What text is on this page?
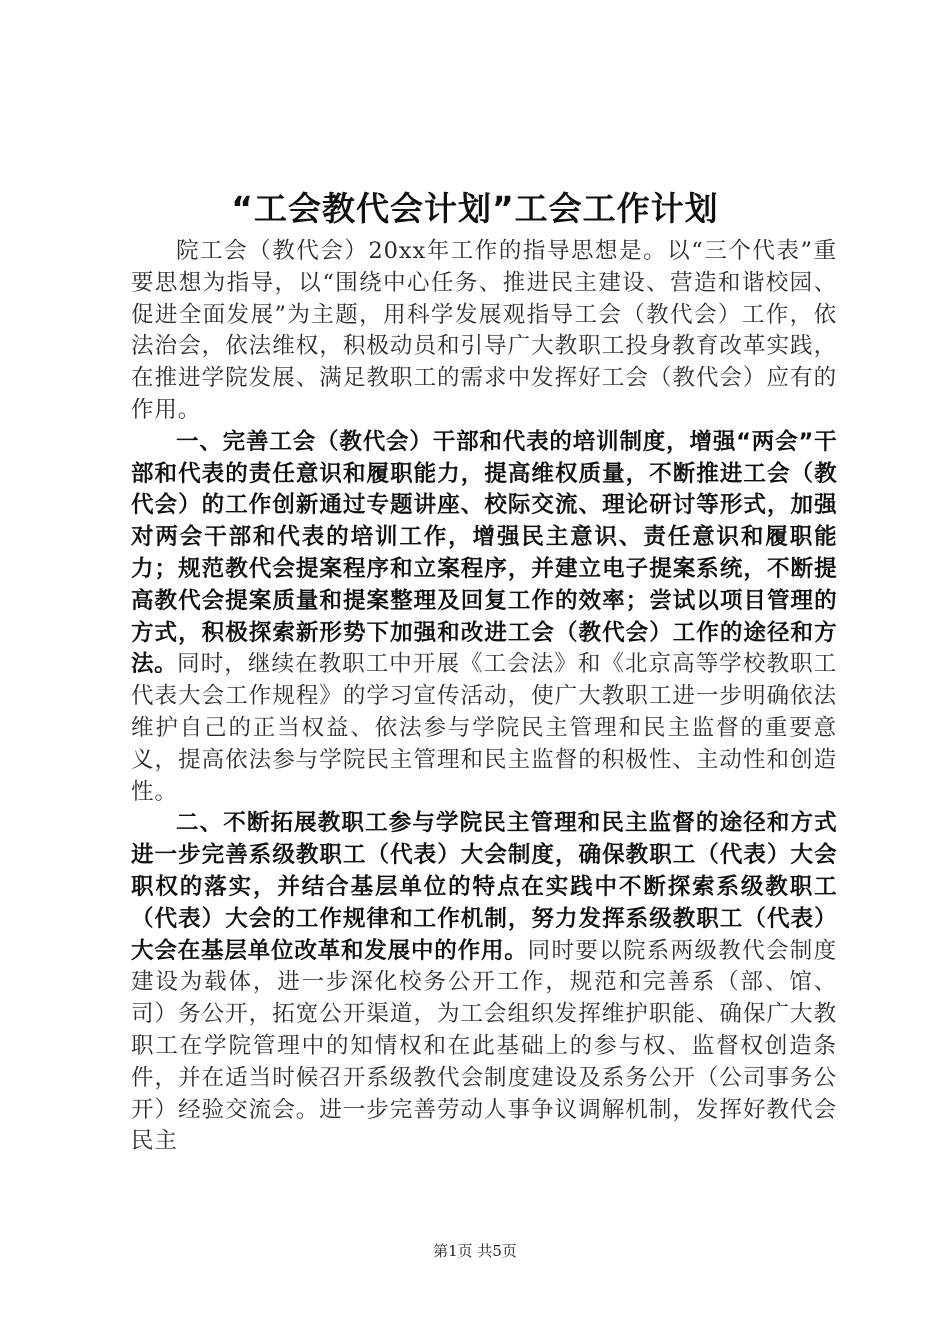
“工会教代会计划”工会工作计划

院工会（教代会）20xx年工作的指导思想是。以“三个代表”重要思想为指导，以“围绕中心任务、推进民主建设、营造和谐校园、促进全面发展”为主题，用科学发展观指导工会（教代会）工作，依法治会，依法维权，积极动员和引导广大教职工投身教育改革实践，在推进学院发展、满足教职工的需求中发挥好工会（教代会）应有的作用。

一、完善工会（教代会）干部和代表的培训制度，增强“两会”干部和代表的责任意识和履职能力，提高维权质量，不断推进工会（教代会）的工作创新通过专题讲座、校际交流、理论研讨等形式，加强对两会干部和代表的培训工作，增强民主意识、责任意识和履职能力；规范教代会提案程序和立案程序，并建立电子提案系统，不断提高教代会提案质量和提案整理及回复工作的效率；尝试以项目管理的方式，积极探索新形势下加强和改进工会（教代会）工作的途径和方法。同时，继续在教职工中开展《工会法》和《北京高等学校教职工代表大会工作规程》的学习宣传活动，使广大教职工进一步明确依法维护自己的正当权益、依法参与学院民主管理和民主监督的重要意义，提高依法参与学院民主管理和民主监督的积极性、主动性和创造性。

二、不断拓展教职工参与学院民主管理和民主监督的途径和方式进一步完善系级教职工（代表）大会制度，确保教职工（代表）大会职权的落实，并结合基层单位的特点在实践中不断探索系级教职工（代表）大会的工作规律和工作机制，努力发挥系级教职工（代表）大会在基层单位改革和发展中的作用。同时要以院系两级教代会制度建设为载体，进一步深化校务公开工作，规范和完善系（部、馆、司）务公开，拓宽公开渠道，为工会组织发挥维护职能、确保广大教职工在学院管理中的知情权和在此基础上的参与权、监督权创造条件，并在适当时候召开系级教代会制度建设及系务公开（公司事务公开）经验交流会。进一步完善劳动人事争议调解机制，发挥好教代会民主

第1页 共5页
